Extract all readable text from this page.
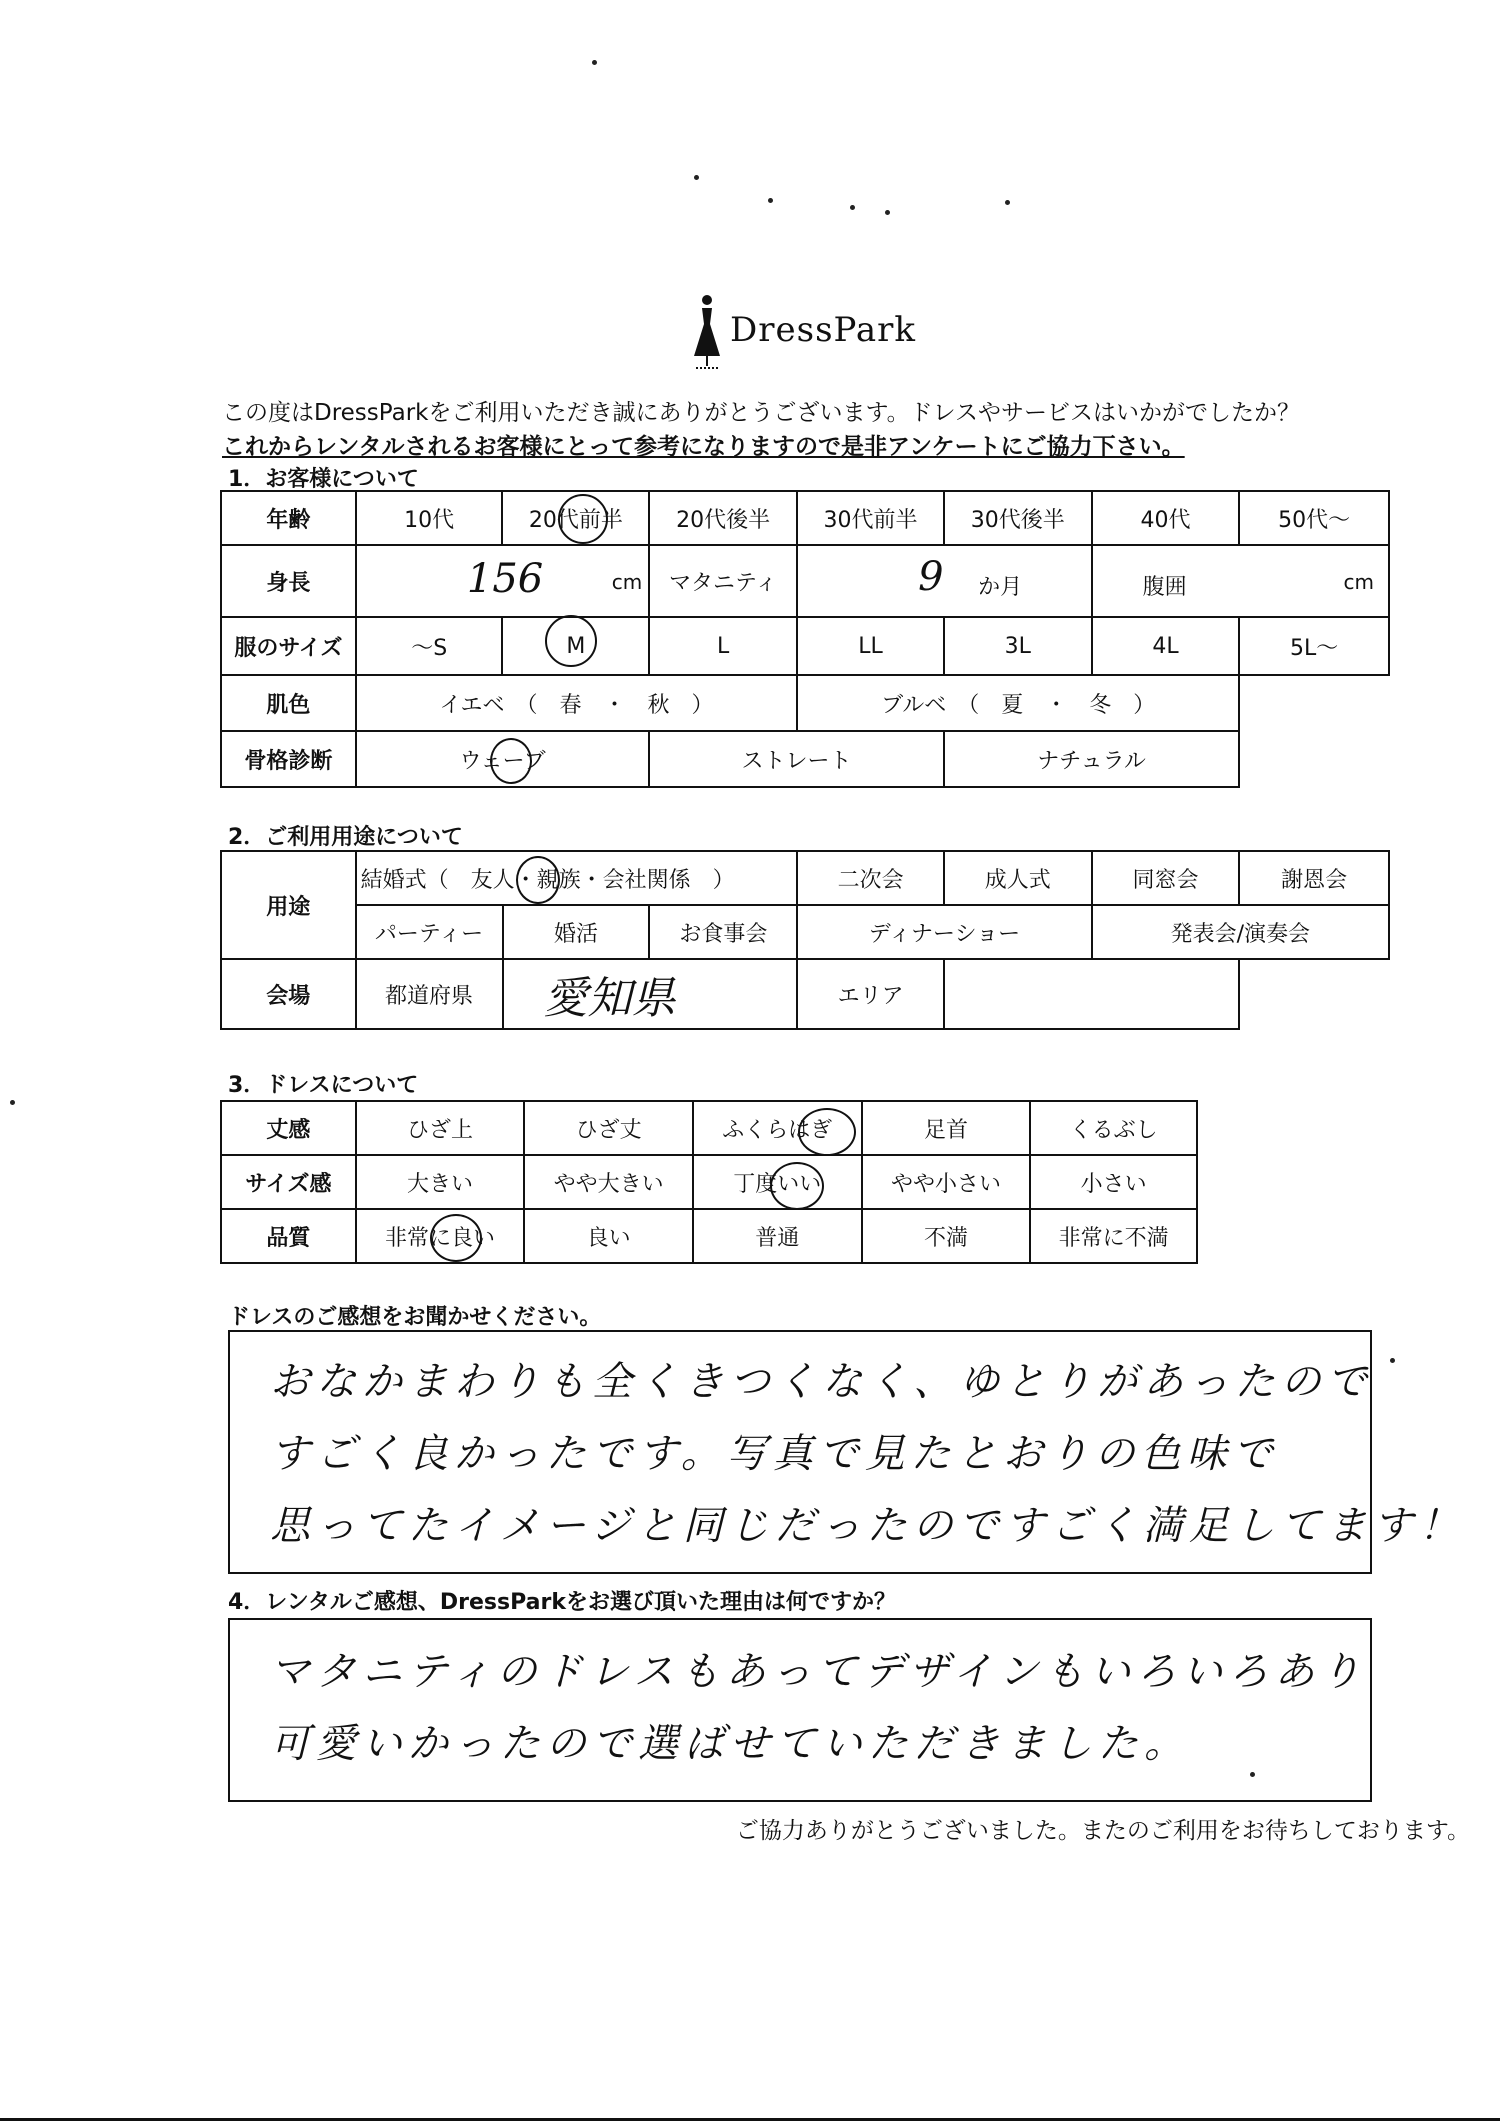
DressPark
この度はDressParkをご利用いただき誠にありがとうございます。ドレスやサービスはいかがでしたか？
これからレンタルされるお客様にとって参考になりますので是非アンケートにご協力下さい。
1．お客様について
年齢	10代	20代前半	20代後半	30代前半	30代後半	40代	50代～
身長	156 cm		マタニティ	9 か月		腹囲 cm	

服のサイズ	～S	M	L	LL	3L	4L	5L～
肌色	イエベ　（　春　・　秋　）			ブルベ　（　夏　・　冬　）			
骨格診断	ウェーブ		ストレート		ナチュラル		
2．ご利用用途について
用途	結婚式（　友人・親族・会社関係　）			二次会	成人式	同窓会	謝恩会
	パーティー	婚活	お食事会	ディナーショー		発表会/演奏会	
会場	都道府県	愛知県		エリア			
3．ドレスについて
丈感	ひざ上	ひざ丈	ふくらはぎ	足首	くるぶし
サイズ感	大きい	やや大きい	丁度いい	やや小さい	小さい
品質	非常に良い	良い	普通	不満	非常に不満
ドレスのご感想をお聞かせください。
おなかまわりも全くきつくなく、ゆとりがあったので
すごく良かったです。写真で見たとおりの色味で
思ってたイメージと同じだったのですごく満足してます！
4．レンタルご感想、DressParkをお選び頂いた理由は何ですか？
マタニティのドレスもあってデザインもいろいろあり
可愛いかったので選ばせていただきました。
ご協力ありがとうございました。またのご利用をお待ちしております。
